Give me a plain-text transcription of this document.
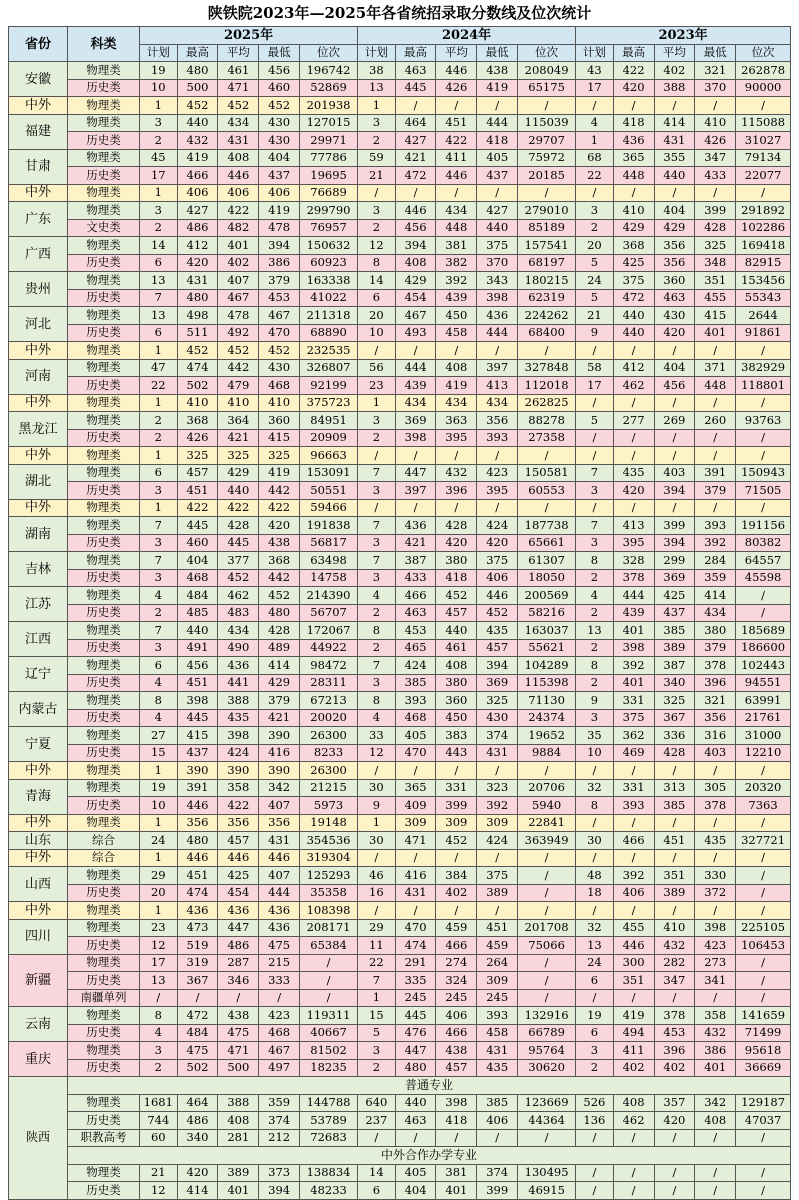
陕铁院2023年—2025年各省统招录取分数线及位次统计
省份	科类	2025年					2024年					2023年				
		计划	最高	平均	最低	位次	计划	最高	平均	最低	位次	计划	最高	平均	最低	位次
安徽	物理类	19	480	461	456	196742	38	463	446	438	208049	43	422	402	321	262878
	历史类	10	500	471	460	52869	13	445	426	419	65175	17	420	388	370	90000
中外	物理类	1	452	452	452	201938	1	/	/	/	/	/	/	/	/	/
福建	物理类	3	440	434	430	127015	3	464	451	444	115039	4	418	414	410	115088
	历史类	2	432	431	430	29971	2	427	422	418	29707	1	436	431	426	31027
甘肃	物理类	45	419	408	404	77786	59	421	411	405	75972	68	365	355	347	79134
	历史类	17	466	446	437	19695	21	472	446	437	20185	22	448	440	433	22077
中外	物理类	1	406	406	406	76689	/	/	/	/	/	/	/	/	/	/
广东	物理类	3	427	422	419	299790	3	446	434	427	279010	3	410	404	399	291892
	文史类	2	486	482	478	76957	2	456	448	440	85189	2	429	429	428	102286
广西	物理类	14	412	401	394	150632	12	394	381	375	157541	20	368	356	325	169418
	历史类	6	420	402	386	60923	8	408	382	370	68197	5	425	356	348	82915
贵州	物理类	13	431	407	379	163338	14	429	392	343	180215	24	375	360	351	153456
	历史类	7	480	467	453	41022	6	454	439	398	62319	5	472	463	455	55343
河北	物理类	13	498	478	467	211318	20	467	450	436	224262	21	440	430	415	2644
	历史类	6	511	492	470	68890	10	493	458	444	68400	9	440	420	401	91861
中外	物理类	1	452	452	452	232535	/	/	/	/	/	/	/	/	/	/
河南	物理类	47	474	442	430	326807	56	444	408	397	327848	58	412	404	371	382929
	历史类	22	502	479	468	92199	23	439	419	413	112018	17	462	456	448	118801
中外	物理类	1	410	410	410	375723	1	434	434	434	262825	/	/	/	/	/
黑龙江	物理类	2	368	364	360	84951	3	369	363	356	88278	5	277	269	260	93763
	历史类	2	426	421	415	20909	2	398	395	393	27358	/	/	/	/	/
中外	物理类	1	325	325	325	96663	/	/	/	/	/	/	/	/	/	/
湖北	物理类	6	457	429	419	153091	7	447	432	423	150581	7	435	403	391	150943
	历史类	3	451	440	442	50551	3	397	396	395	60553	3	420	394	379	71505
中外	物理类	1	422	422	422	59466	/	/	/	/	/	/	/	/	/	/
湖南	物理类	7	445	428	420	191838	7	436	428	424	187738	7	413	399	393	191156
	历史类	3	460	445	438	56817	3	421	420	420	65661	3	395	394	392	80382
吉林	物理类	7	404	377	368	63498	7	387	380	375	61307	8	328	299	284	64557
	历史类	3	468	452	442	14758	3	433	418	406	18050	2	378	369	359	45598
江苏	物理类	4	484	462	452	214390	4	466	452	446	200569	4	444	425	414	/
	历史类	2	485	483	480	56707	2	463	457	452	58216	2	439	437	434	/
江西	物理类	7	440	434	428	172067	8	453	440	435	163037	13	401	385	380	185689
	历史类	3	491	490	489	44922	2	465	461	457	55621	2	398	389	379	186600
辽宁	物理类	6	456	436	414	98472	7	424	408	394	104289	8	392	387	378	102443
	历史类	4	451	441	429	28311	3	385	380	369	115398	2	401	340	396	94551
内蒙古	物理类	8	398	388	379	67213	8	393	360	325	71130	9	331	325	321	63991
	历史类	4	445	435	421	20020	4	468	450	430	24374	3	375	367	356	21761
宁夏	物理类	27	415	398	390	26300	33	405	383	374	19652	35	362	336	316	31000
	历史类	15	437	424	416	8233	12	470	443	431	9884	10	469	428	403	12210
中外	物理类	1	390	390	390	26300	/	/	/	/	/	/	/	/	/	/
青海	物理类	19	391	358	342	21215	30	365	331	323	20706	32	331	313	305	20320
	历史类	10	446	422	407	5973	9	409	399	392	5940	8	393	385	378	7363
中外	物理类	1	356	356	356	19148	1	309	309	309	22841	/	/	/	/	/
山东	综合	24	480	457	431	354536	30	471	452	424	363949	30	466	451	435	327721
中外	综合	1	446	446	446	319304	/	/	/	/	/	/	/	/	/	/
山西	物理类	29	451	425	407	125293	46	416	384	375	/	48	392	351	330	/
	历史类	20	474	454	444	35358	16	431	402	389	/	18	406	389	372	/
中外	物理类	1	436	436	436	108398	/	/	/	/	/	/	/	/	/	/
四川	物理类	23	473	447	436	208171	29	470	459	451	201708	32	455	410	398	225105
	历史类	12	519	486	475	65384	11	474	466	459	75066	13	446	432	423	106453
新疆	物理类	17	319	287	215	/	22	291	274	264	/	24	300	282	273	/
	历史类	13	367	346	333	/	7	335	324	309	/	6	351	347	341	/
	南疆单列	/	/	/	/	/	1	245	245	245	/	/	/	/	/	/
云南	物理类	8	472	438	423	119311	15	445	406	393	132916	19	419	378	358	141659
	历史类	4	484	475	468	40667	5	476	466	458	66789	6	494	453	432	71499
重庆	物理类	3	475	471	467	81502	3	447	438	431	95764	3	411	396	386	95618
	历史类	2	502	500	497	18235	2	480	457	435	30620	2	402	402	401	36669
陕西	普通专业															
	物理类	1681	464	388	359	144788	640	440	398	385	123669	526	408	357	342	129187
	历史类	744	486	408	374	53789	237	463	418	406	44364	136	462	420	408	47037
	职教高考	60	340	281	212	72683	/	/	/	/	/	/	/	/	/	/
	中外合作办学专业															
	物理类	21	420	389	373	138834	14	405	381	374	130495	/	/	/	/	/
	历史类	12	414	401	394	48233	6	404	401	399	46915	/	/	/	/	/
